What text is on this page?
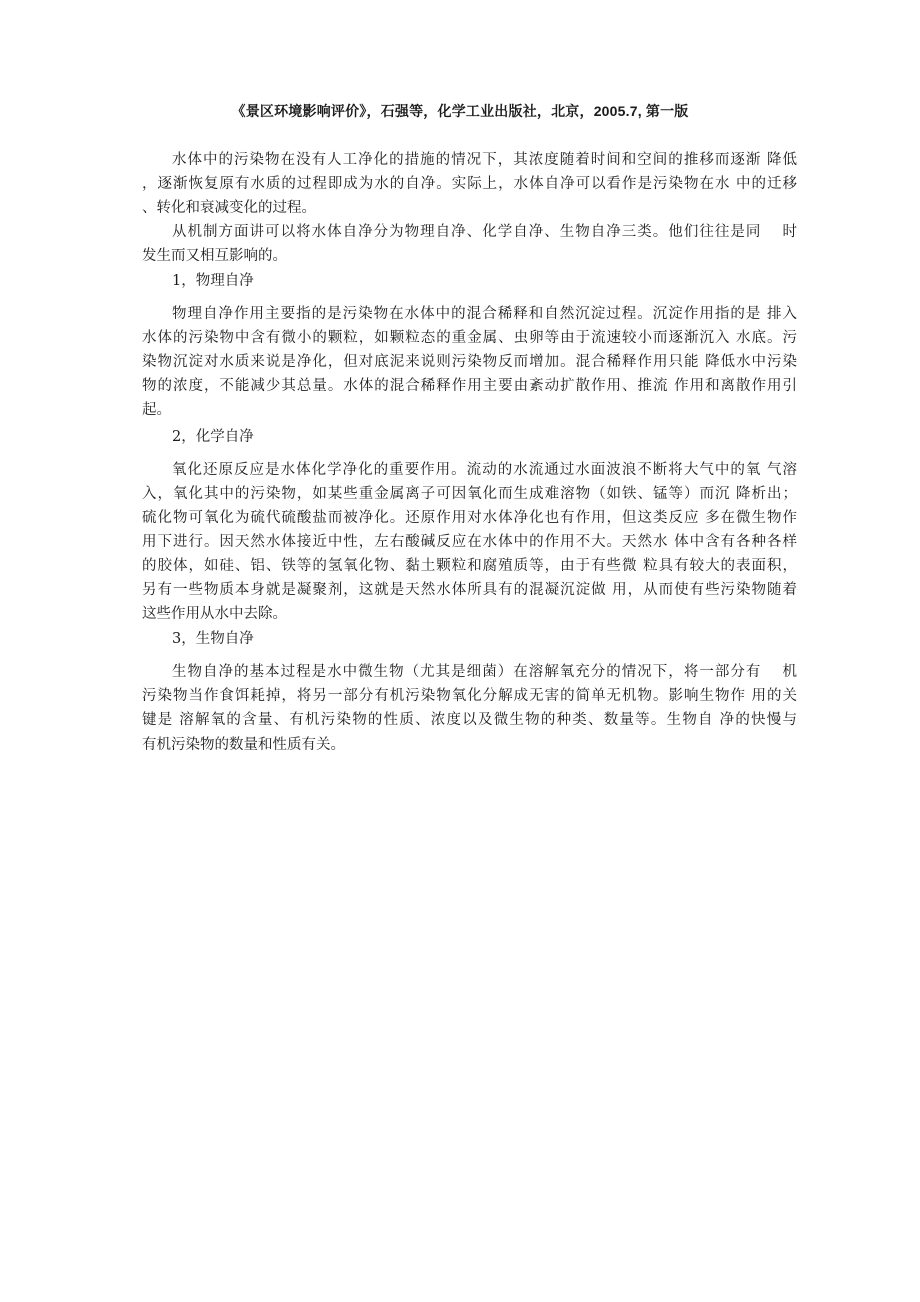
《景区环境影响评价》，石强等，化学工业出版社，北京，2005.7, 第一版
水体中的污染物在没有人工净化的措施的情况下，其浓度随着时间和空间的推移而逐渐 降低
，逐渐恢复原有水质的过程即成为水的自净。实际上，水体自净可以看作是污染物在水 中的迁移
、转化和衰减变化的过程。
从机制方面讲可以将水体自净分为物理自净、化学自净、生物自净三类。他们往往是同　 时
发生而又相互影响的。
1，物理自净
物理自净作用主要指的是污染物在水体中的混合稀释和自然沉淀过程。沉淀作用指的是 排入
水体的污染物中含有微小的颗粒，如颗粒态的重金属、虫卵等由于流速较小而逐渐沉入 水底。污
染物沉淀对水质来说是净化，但对底泥来说则污染物反而增加。混合稀释作用只能 降低水中污染
物的浓度，不能减少其总量。水体的混合稀释作用主要由紊动扩散作用、推流 作用和离散作用引
起。
2，化学自净
氧化还原反应是水体化学净化的重要作用。流动的水流通过水面波浪不断将大气中的氧 气溶
入，氧化其中的污染物，如某些重金属离子可因氧化而生成难溶物（如铁、锰等）而沉 降析出；
硫化物可氧化为硫代硫酸盐而被净化。还原作用对水体净化也有作用，但这类反应 多在微生物作
用下进行。因天然水体接近中性，左右酸碱反应在水体中的作用不大。天然水 体中含有各种各样
的胶体，如硅、铝、铁等的氢氧化物、黏土颗粒和腐殖质等，由于有些微 粒具有较大的表面积，
另有一些物质本身就是凝聚剂，这就是天然水体所具有的混凝沉淀做 用，从而使有些污染物随着
这些作用从水中去除。
3，生物自净
生物自净的基本过程是水中微生物（尤其是细菌）在溶解氧充分的情况下，将一部分有　 机
污染物当作食饵耗掉，将另一部分有机污染物氧化分解成无害的简单无机物。影响生物作 用的关
键是 溶解氧的含量、有机污染物的性质、浓度以及微生物的种类、数量等。生物自 净的快慢与
有机污染物的数量和性质有关。
